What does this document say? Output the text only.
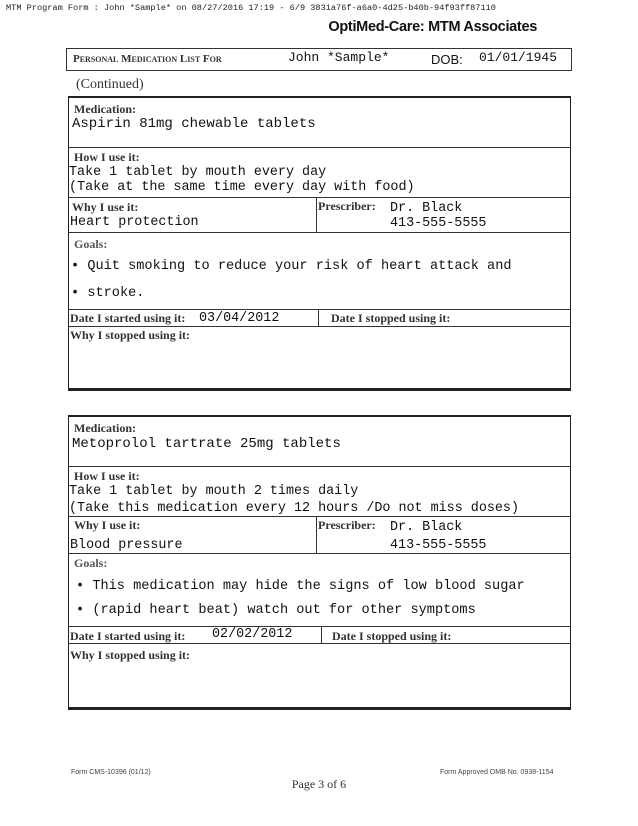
MTM Program Form : John *Sample* on 08/27/2016 17:19 - 6/9 3831a76f-a6a0-4d25-b40b-94f93ff87110
OptiMed-Care: MTM Associates
Personal Medication List For	John *Sample*	DOB: 01/01/1945
(Continued)
Medication:
Aspirin 81mg chewable tablets
How I use it:
Take 1 tablet by mouth every day
(Take at the same time every day with food)
Why I use it:
Heart protection
Prescriber: Dr. Black
413-555-5555
Goals:
• Quit smoking to reduce your risk of heart attack and
• stroke.
Date I started using it: 03/04/2012	Date I stopped using it:
Why I stopped using it:
Medication:
Metoprolol tartrate 25mg tablets
How I use it:
Take 1 tablet by mouth 2 times daily
(Take this medication every 12 hours /Do not miss doses)
Why I use it:
Blood pressure
Prescriber: Dr. Black
413-555-5555
Goals:
• This medication may hide the signs of low blood sugar
• (rapid heart beat) watch out for other symptoms
Date I started using it: 02/02/2012	Date I stopped using it:
Why I stopped using it:
Form CMS-10396 (01/12)	Form Approved OMB No. 0938-1154
Page 3 of 6
